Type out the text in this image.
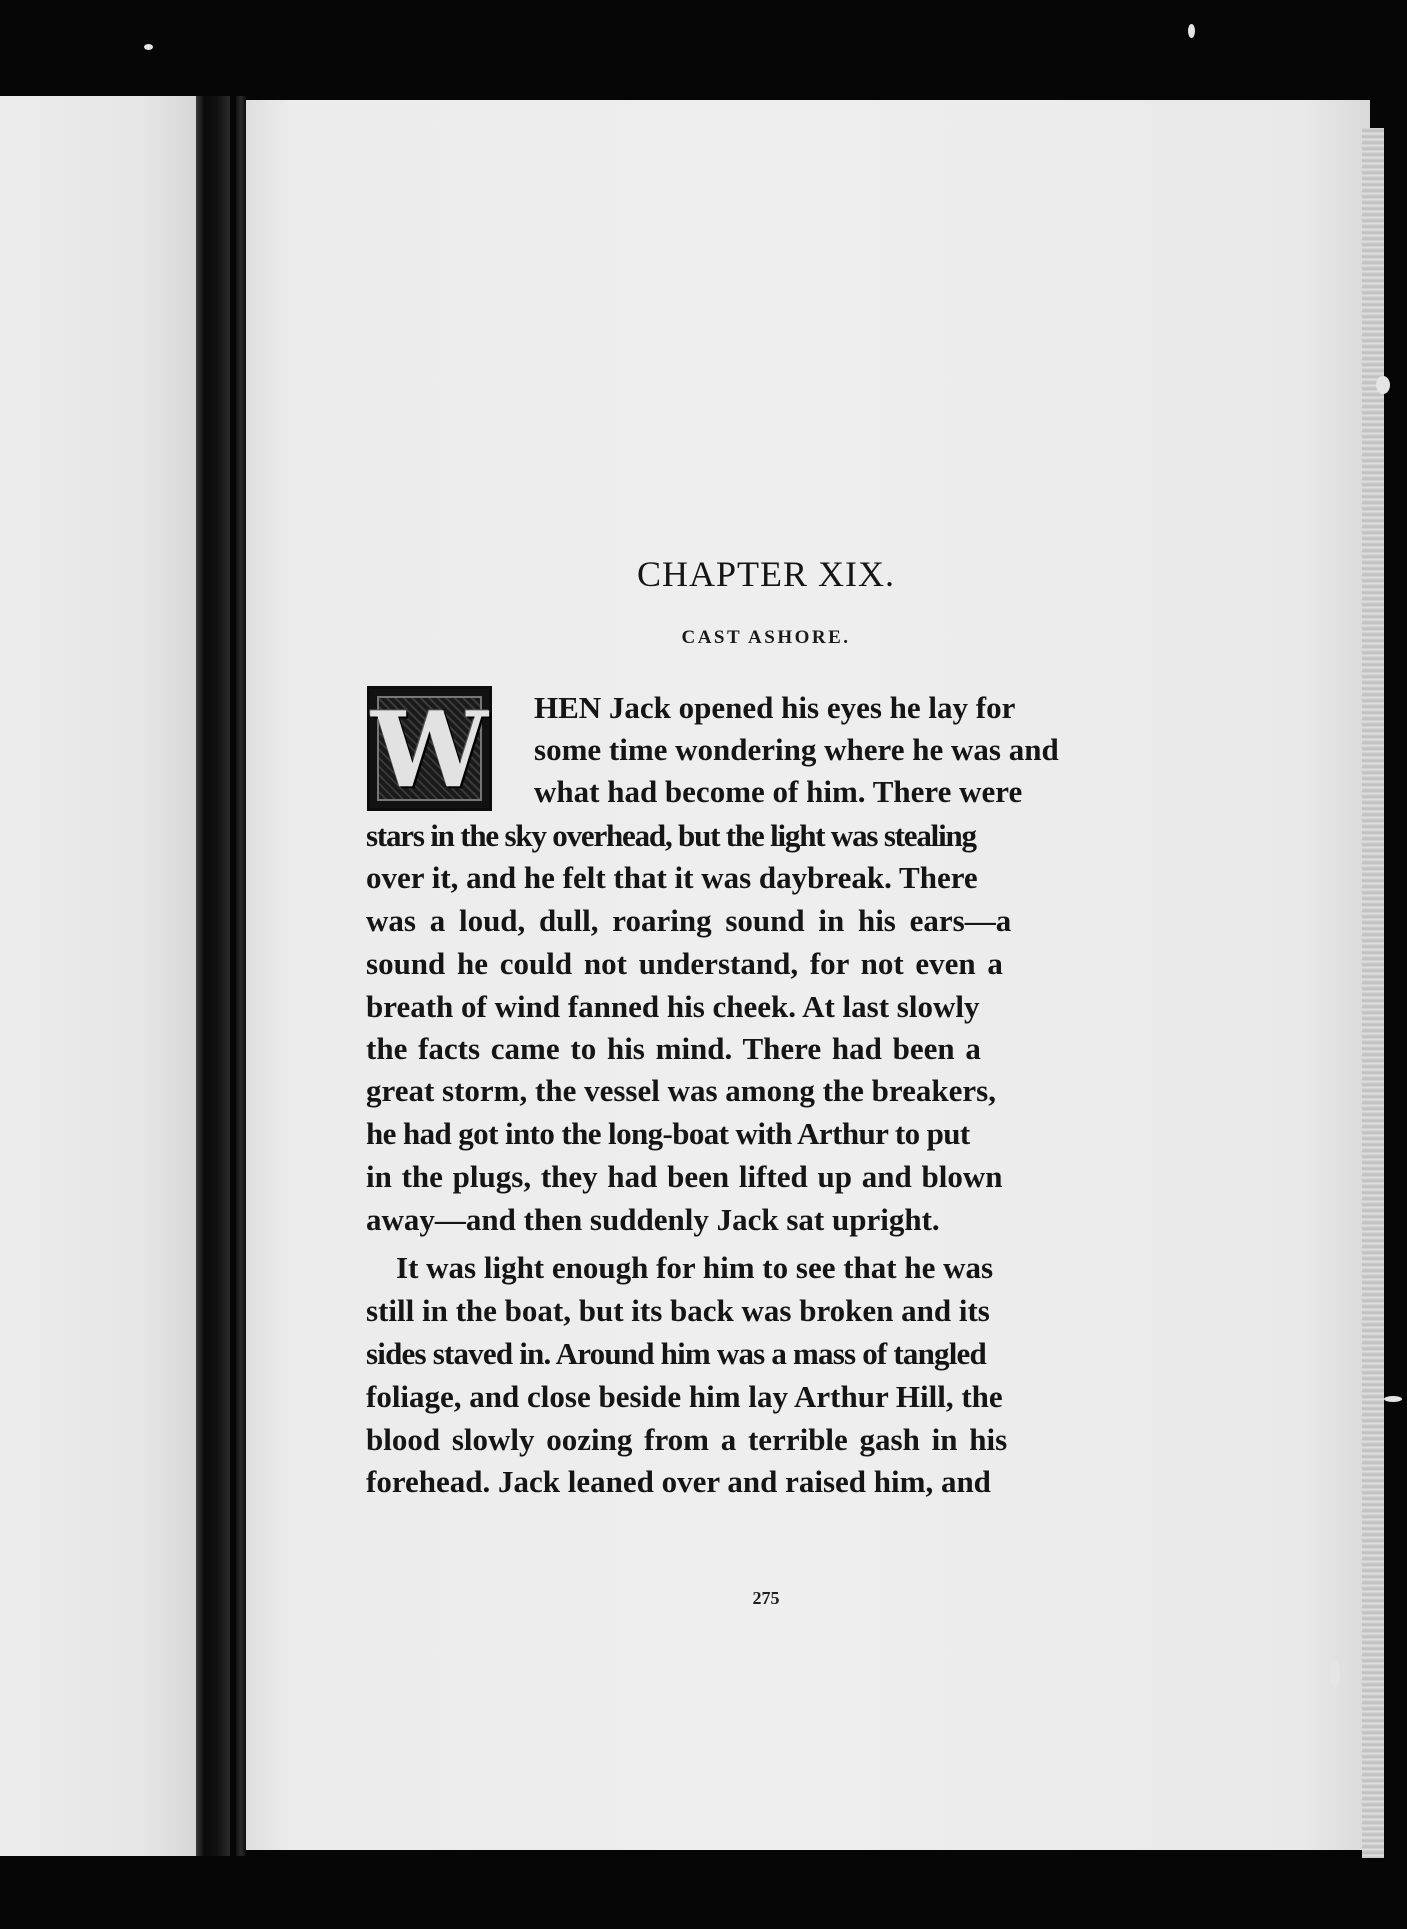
CHAPTER XIX.
CAST ASHORE.
W HEN Jack opened his eyes he lay for
some time wondering where he was and
what had become of him. There were
stars in the sky overhead, but the light was stealing
over it, and he felt that it was daybreak. There
was a loud, dull, roaring sound in his ears—a
sound he could not understand, for not even a
breath of wind fanned his cheek. At last slowly
the facts came to his mind. There had been a
great storm, the vessel was among the breakers,
he had got into the long-boat with Arthur to put
in the plugs, they had been lifted up and blown
away—and then suddenly Jack sat upright.
It was light enough for him to see that he was
still in the boat, but its back was broken and its
sides staved in. Around him was a mass of tangled
foliage, and close beside him lay Arthur Hill, the
blood slowly oozing from a terrible gash in his
forehead. Jack leaned over and raised him, and
275
